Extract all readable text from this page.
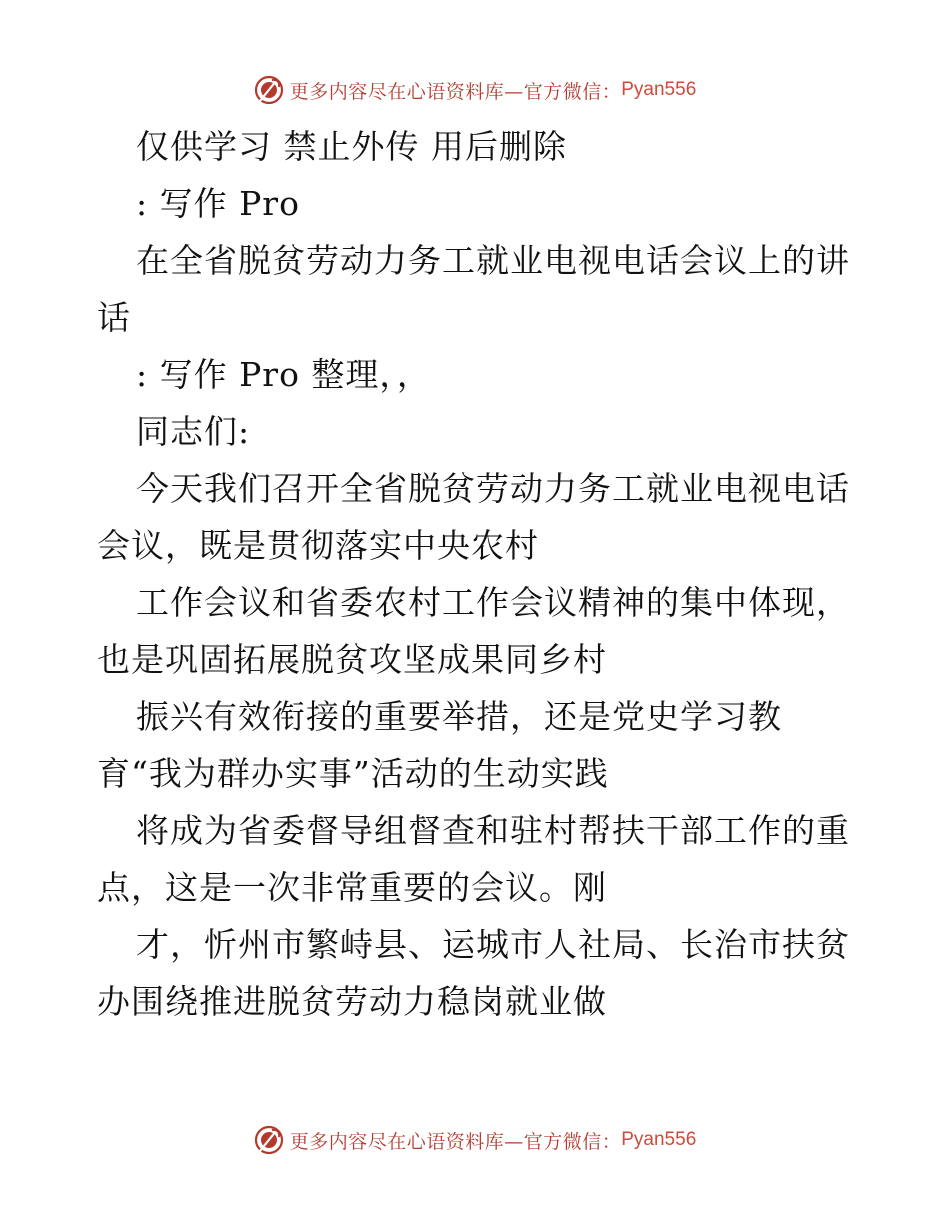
更多内容尽在心语资料库—官方微信： Pyan556
仅供学习 禁止外传 用后删除
: 写作 Pro
在全省脱贫劳动力务工就业电视电话会议上的讲
话
: 写作 Pro 整理，，
同志们:
今天我们召开全省脱贫劳动力务工就业电视电话
会议，既是贯彻落实中央农村
工作会议和省委农村工作会议精神的集中体现，
也是巩固拓展脱贫攻坚成果同乡村
振兴有效衔接的重要举措，还是党史学习教
育“我为群办实事”活动的生动实践
将成为省委督导组督查和驻村帮扶干部工作的重
点，这是一次非常重要的会议。刚
才，忻州市繁峙县、运城市人社局、长治市扶贫
办围绕推进脱贫劳动力稳岗就业做
更多内容尽在心语资料库—官方微信： Pyan556
